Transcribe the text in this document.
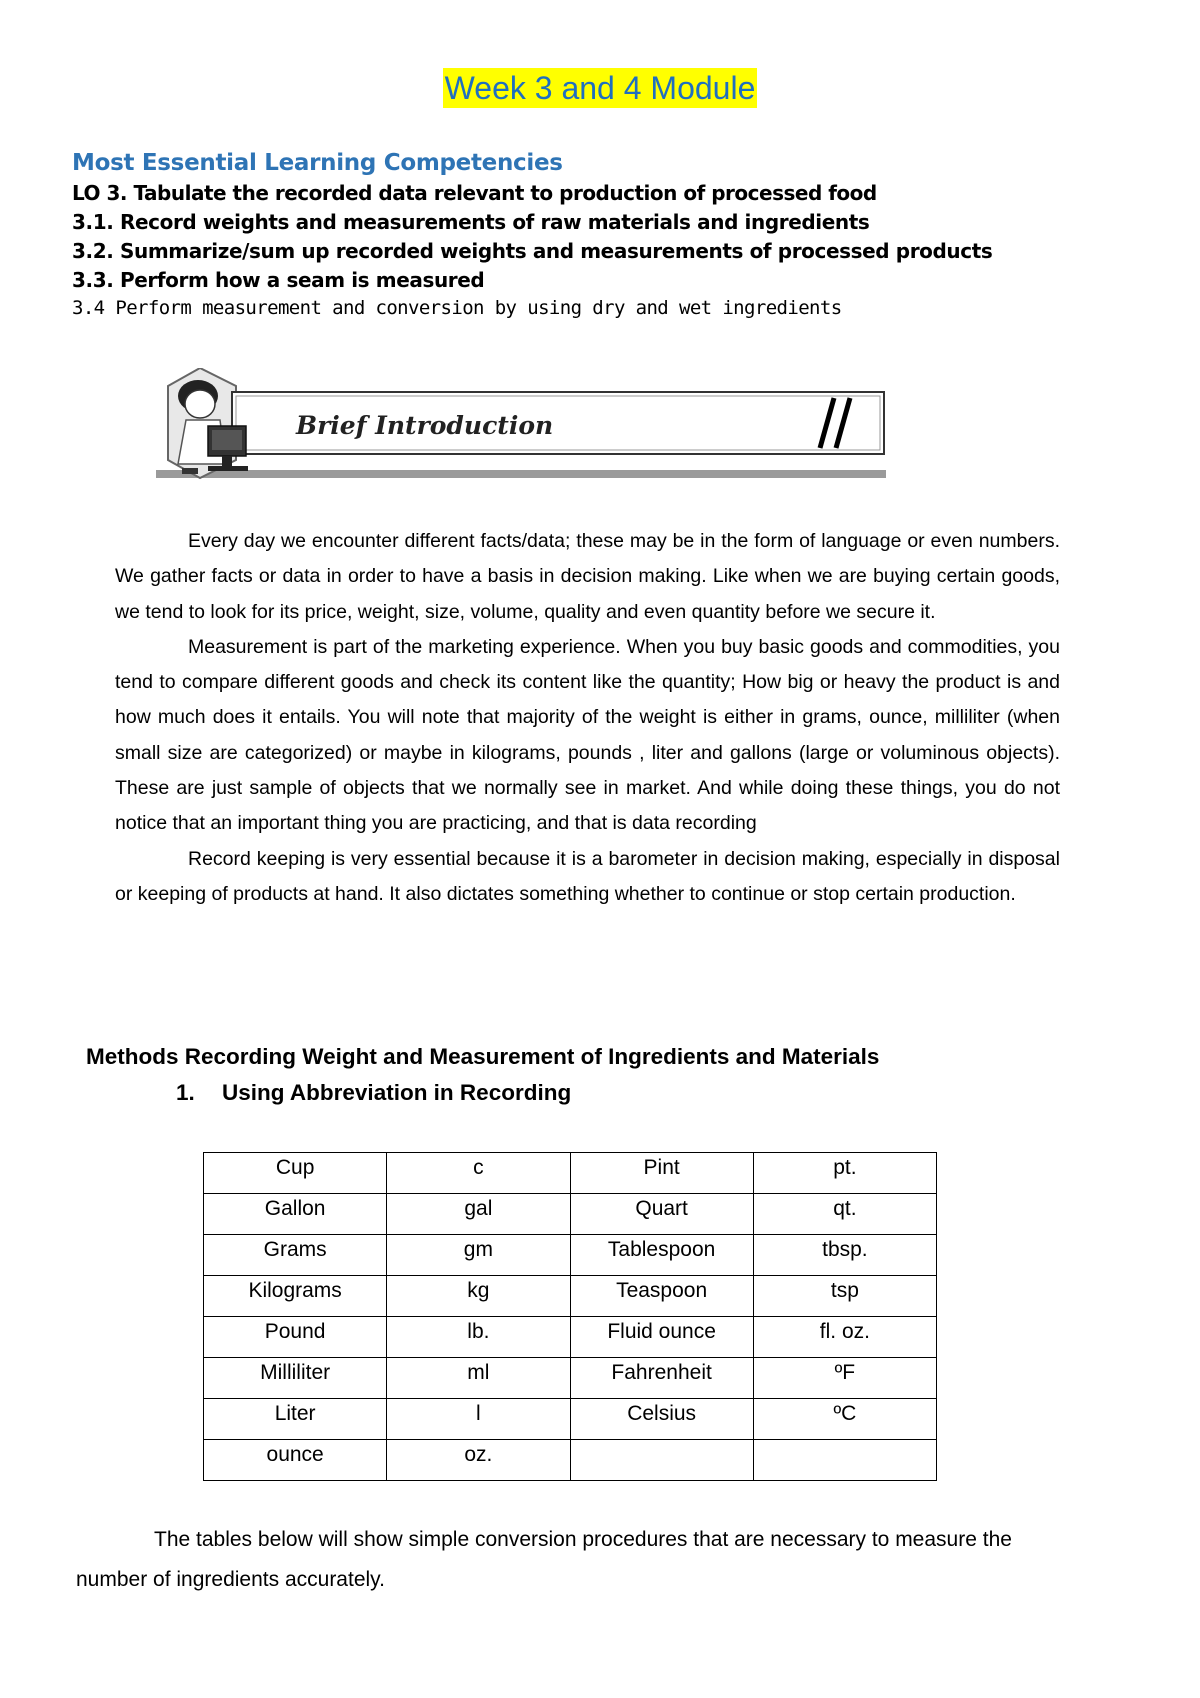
Week 3 and 4 Module
Most Essential Learning Competencies
LO 3. Tabulate the recorded data relevant to production of processed food
3.1. Record weights and measurements of raw materials and ingredients
3.2. Summarize/sum up recorded weights and measurements of processed products
3.3. Perform how a seam is measured
3.4 Perform measurement and conversion by using dry and wet ingredients
Brief Introduction

Every day we encounter different facts/data; these may be in the form of language or even numbers. We gather facts or data in order to have a basis in decision making. Like when we are buying certain goods, we tend to look for its price, weight, size, volume, quality and even quantity before we secure it.

Measurement is part of the marketing experience. When you buy basic goods and commodities, you tend to compare different goods and check its content like the quantity; How big or heavy the product is and how much does it entails. You will note that majority of the weight is either in grams, ounce, milliliter (when small size are categorized) or maybe in kilograms, pounds , liter and gallons (large or voluminous objects). These are just sample of objects that we normally see in market. And while doing these things, you do not notice that an important thing you are practicing, and that is data recording

Record keeping is very essential because it is a barometer in decision making, especially in disposal or keeping of products at hand. It also dictates something whether to continue or stop certain production.

Methods Recording Weight and Measurement of Ingredients and Materials
1. Using Abbreviation in Recording
Cup	c	Pint	pt.
Gallon	gal	Quart	qt.
Grams	gm	Tablespoon	tbsp.
Kilograms	kg	Teaspoon	tsp
Pound	lb.	Fluid ounce	fl. oz.
Milliliter	ml	Fahrenheit	ºF
Liter	l	Celsius	ºC
ounce	oz.		
The tables below will show simple conversion procedures that are necessary to measure the number of ingredients accurately.
